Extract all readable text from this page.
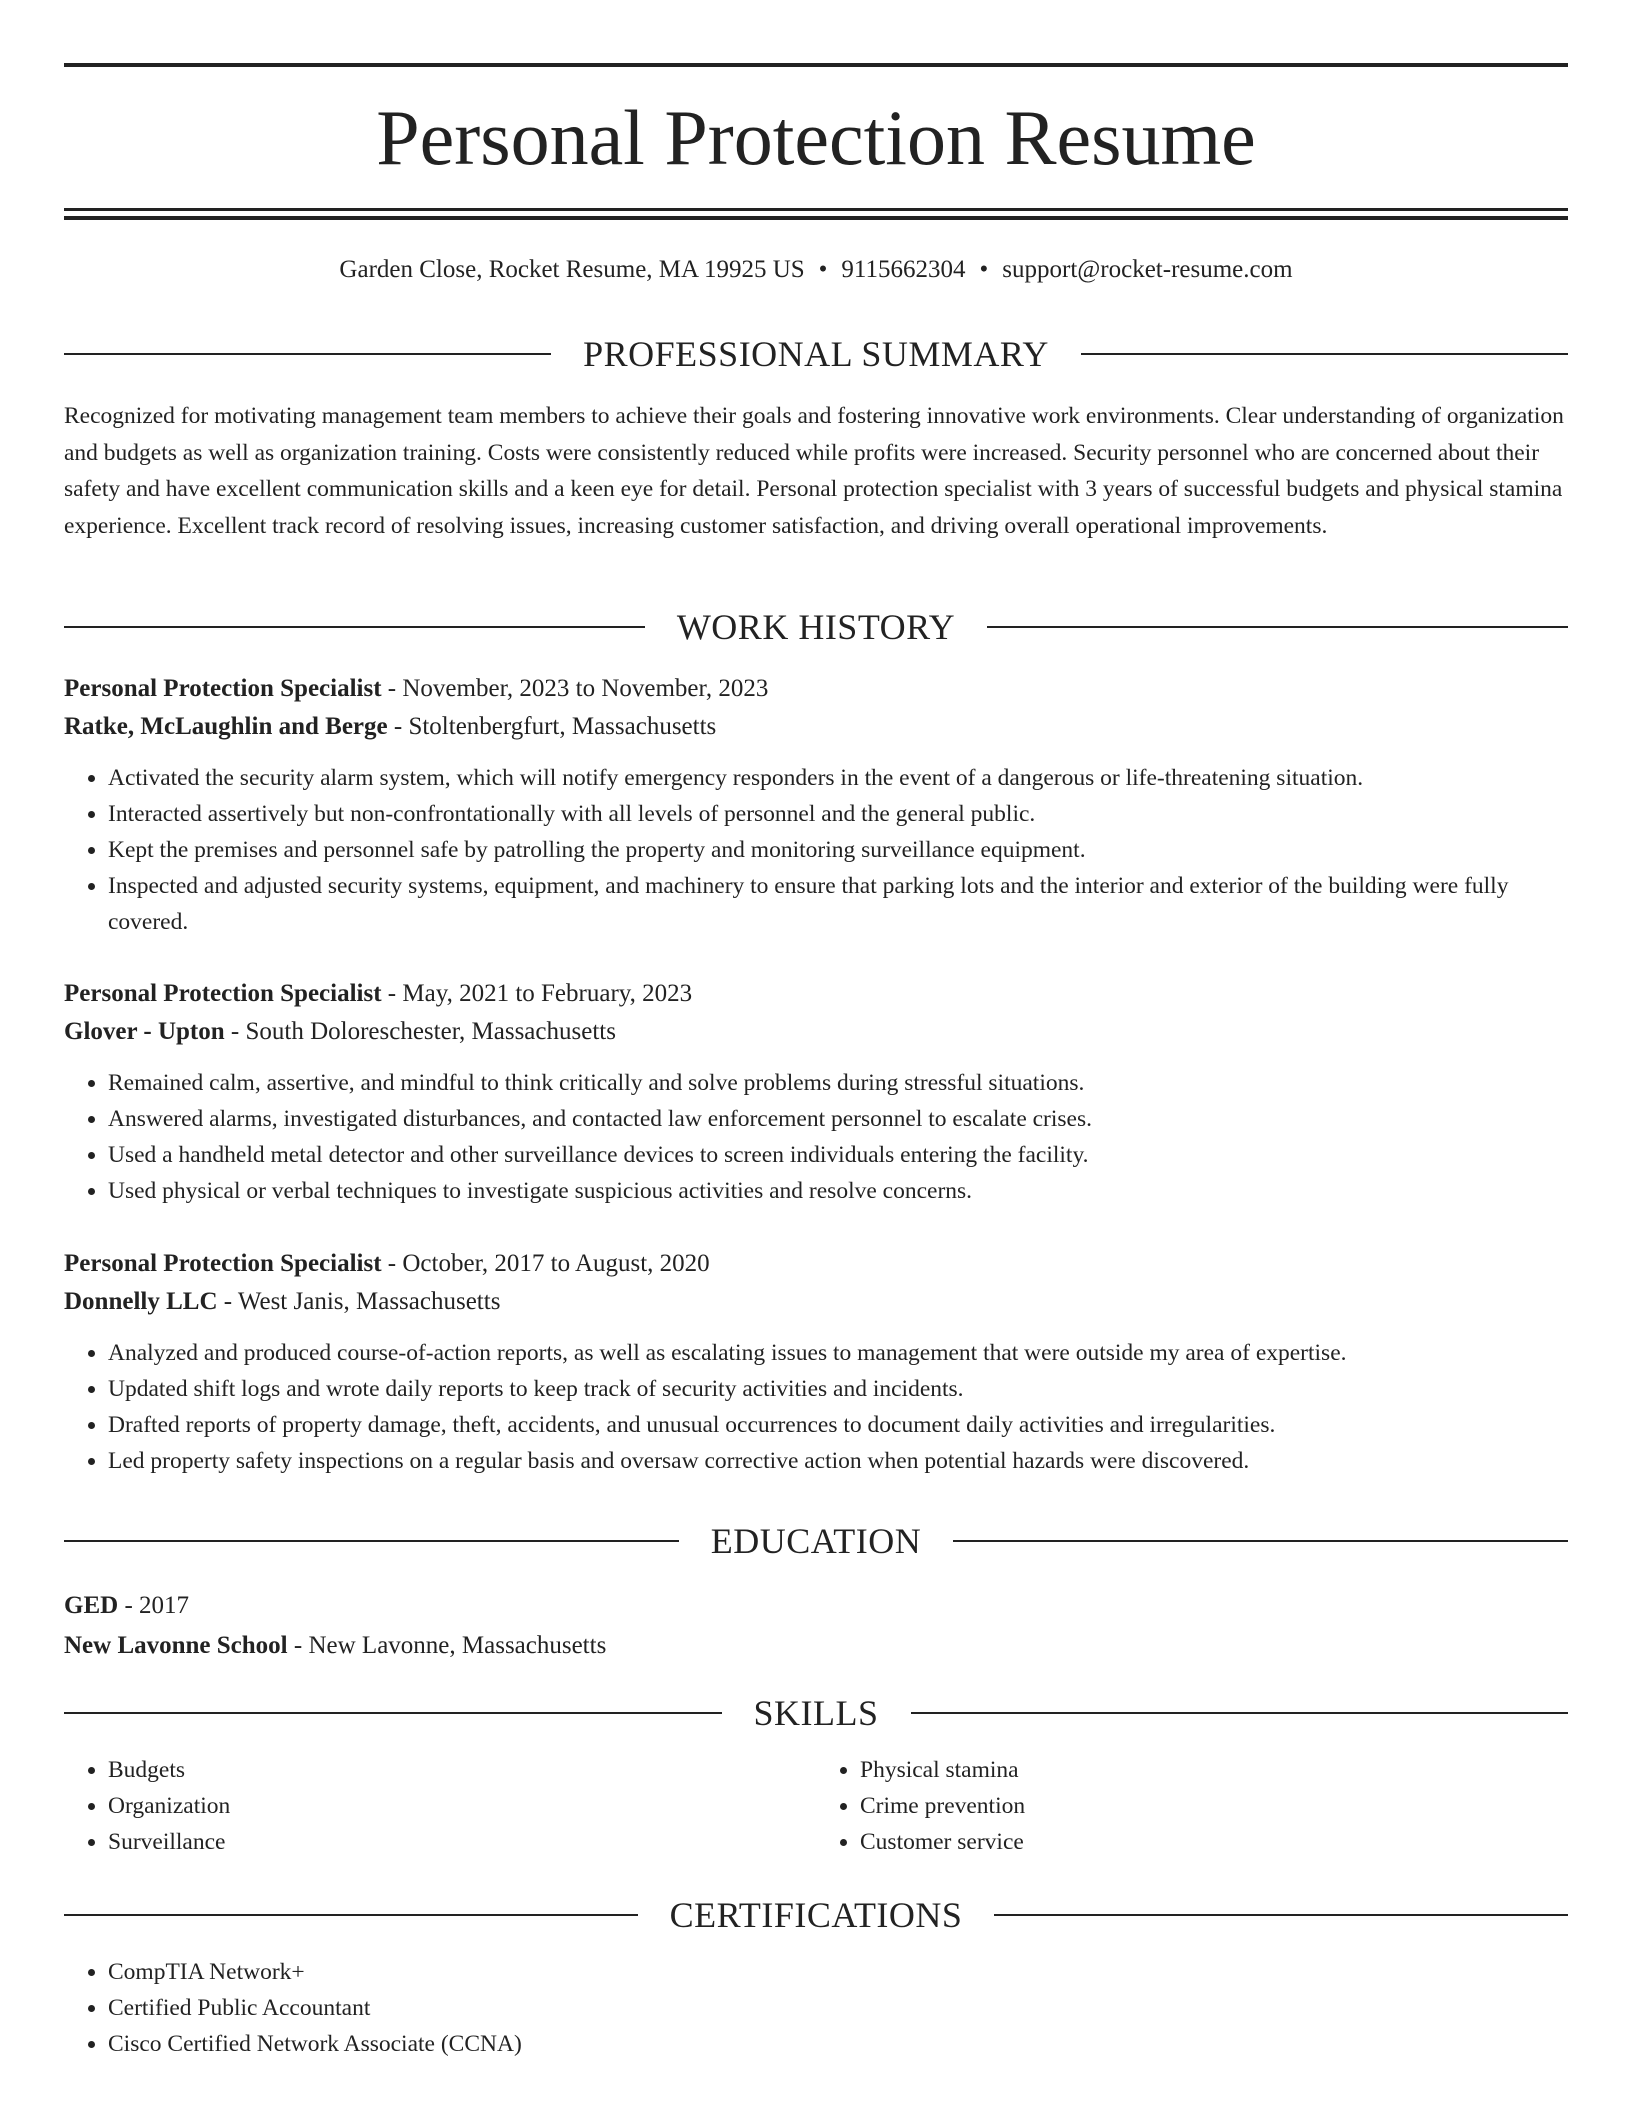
Personal Protection Resume
Garden Close, Rocket Resume, MA 19925 US • 9115662304 • support@rocket-resume.com
PROFESSIONAL SUMMARY

Recognized for motivating management team members to achieve their goals and fostering innovative work environments. Clear understanding of organization and budgets as well as organization training. Costs were consistently reduced while profits were increased. Security personnel who are concerned about their safety and have excellent communication skills and a keen eye for detail. Personal protection specialist with 3 years of successful budgets and physical stamina experience. Excellent track record of resolving issues, increasing customer satisfaction, and driving overall operational improvements.

WORK HISTORY
Personal Protection Specialist - November, 2023 to November, 2023
Ratke, McLaughlin and Berge - Stoltenbergfurt, Massachusetts
• Activated the security alarm system, which will notify emergency responders in the event of a dangerous or life-threatening situation.
• Interacted assertively but non-confrontationally with all levels of personnel and the general public.
• Kept the premises and personnel safe by patrolling the property and monitoring surveillance equipment.
• Inspected and adjusted security systems, equipment, and machinery to ensure that parking lots and the interior and exterior of the building were fully covered.
Personal Protection Specialist - May, 2021 to February, 2023
Glover - Upton - South Doloreschester, Massachusetts
• Remained calm, assertive, and mindful to think critically and solve problems during stressful situations.
• Answered alarms, investigated disturbances, and contacted law enforcement personnel to escalate crises.
• Used a handheld metal detector and other surveillance devices to screen individuals entering the facility.
• Used physical or verbal techniques to investigate suspicious activities and resolve concerns.
Personal Protection Specialist - October, 2017 to August, 2020
Donnelly LLC - West Janis, Massachusetts
• Analyzed and produced course-of-action reports, as well as escalating issues to management that were outside my area of expertise.
• Updated shift logs and wrote daily reports to keep track of security activities and incidents.
• Drafted reports of property damage, theft, accidents, and unusual occurrences to document daily activities and irregularities.
• Led property safety inspections on a regular basis and oversaw corrective action when potential hazards were discovered.
EDUCATION
GED - 2017
New Lavonne School - New Lavonne, Massachusetts
SKILLS
• Budgets
• Organization
• Surveillance
• Physical stamina
• Crime prevention
• Customer service
CERTIFICATIONS
• CompTIA Network+
• Certified Public Accountant
• Cisco Certified Network Associate (CCNA)
